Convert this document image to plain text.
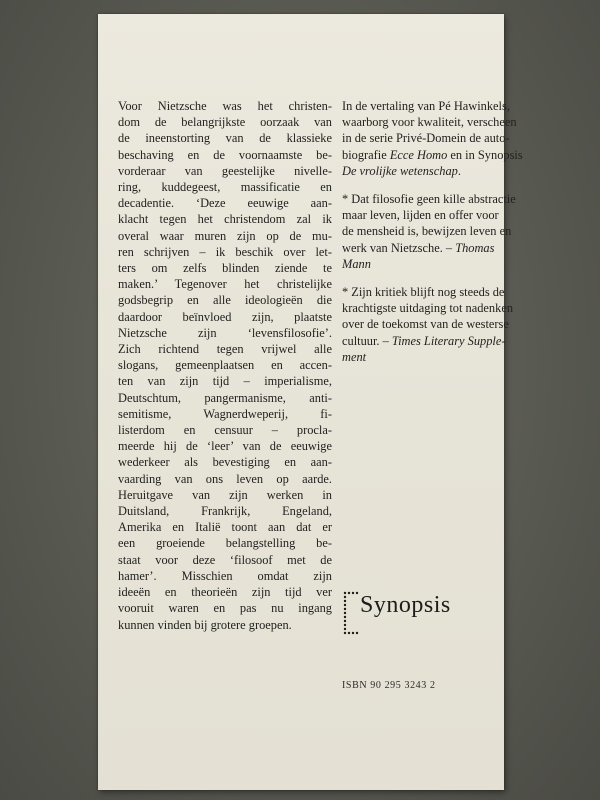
Voor Nietzsche was het christen-
dom de belangrijkste oorzaak van
de ineenstorting van de klassieke
beschaving en de voornaamste be-
vorderaar van geestelijke nivelle-
ring, kuddegeest, massificatie en
decadentie. ‘Deze eeuwige aan-
klacht tegen het christendom zal ik
overal waar muren zijn op de mu-
ren schrijven – ik beschik over let-
ters om zelfs blinden ziende te
maken.’ Tegenover het christelijke
godsbegrip en alle ideologieën die
daardoor beïnvloed zijn, plaatste
Nietzsche zijn ‘levensfilosofie’.
Zich richtend tegen vrijwel alle
slogans, gemeenplaatsen en accen-
ten van zijn tijd – imperialisme,
Deutschtum, pangermanisme, anti-
semitisme, Wagnerdweperij, fi-
listerdom en censuur – procla-
meerde hij de ‘leer’ van de eeuwige
wederkeer als bevestiging en aan-
vaarding van ons leven op aarde.
Heruitgave van zijn werken in
Duitsland, Frankrijk, Engeland,
Amerika en Italië toont aan dat er
een groeiende belangstelling be-
staat voor deze ‘filosoof met de
hamer’. Misschien omdat zijn
ideeën en theorieën zijn tijd ver
vooruit waren en pas nu ingang
kunnen vinden bij grotere groepen.

In de vertaling van Pé Hawinkels,
waarborg voor kwaliteit, verscheen
in de serie Privé-Domein de auto-
biografie Ecce Homo en in Synopsis
De vrolijke wetenschap.

* Dat filosofie geen kille abstractie
maar leven, lijden en offer voor
de mensheid is, bewijzen leven en
werk van Nietzsche. – Thomas
Mann

* Zijn kritiek blijft nog steeds de
krachtigste uitdaging tot nadenken
over de toekomst van de westerse
cultuur. – Times Literary Supple-
ment

Synopsis
ISBN 90 295 3243 2
